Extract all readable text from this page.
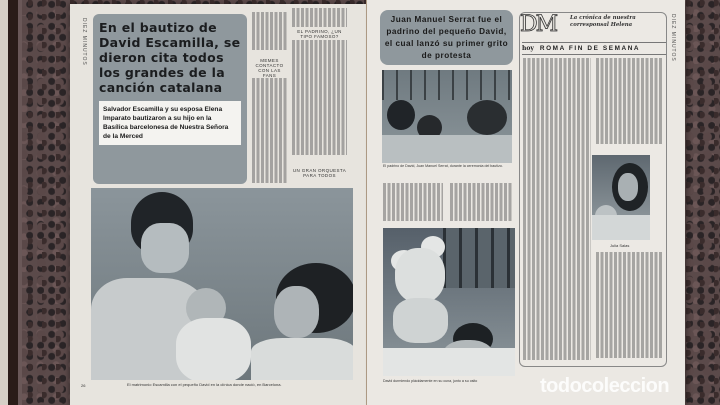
DIEZ MINUTOS En el bautizo de David Escamilla, se dieron cita todos los grandes de la canción catalana
Salvador Escamilla y su esposa Elena Imparato bautizaron a su hijo en la Basílica barcelonesa de Nuestra Señora de la Merced
MEMES CONTACTO CON LAS FANS
EL PADRINO, ¿UN TIPO FAMOSO?
UN GRAN ORQUESTA PARA TODOS
El matrimonio Escamilla con el pequeño David en la clínica donde nació, en Barcelona.
26
Juan Manuel Serrat fue el padrino del pequeño David, el cual lanzó su primer grito de protesta
El padrino de David, Juan Manuel Serrat, durante la ceremonia del bautizo.
David durmiendo plácidamente en su cuna, junto a su osito
DM	La crónica de nuestra corresponsal Helena
hoy ROMA FIN DE SEMANA	DIEZ MINUTOS
Julia Salas
todocoleccion
